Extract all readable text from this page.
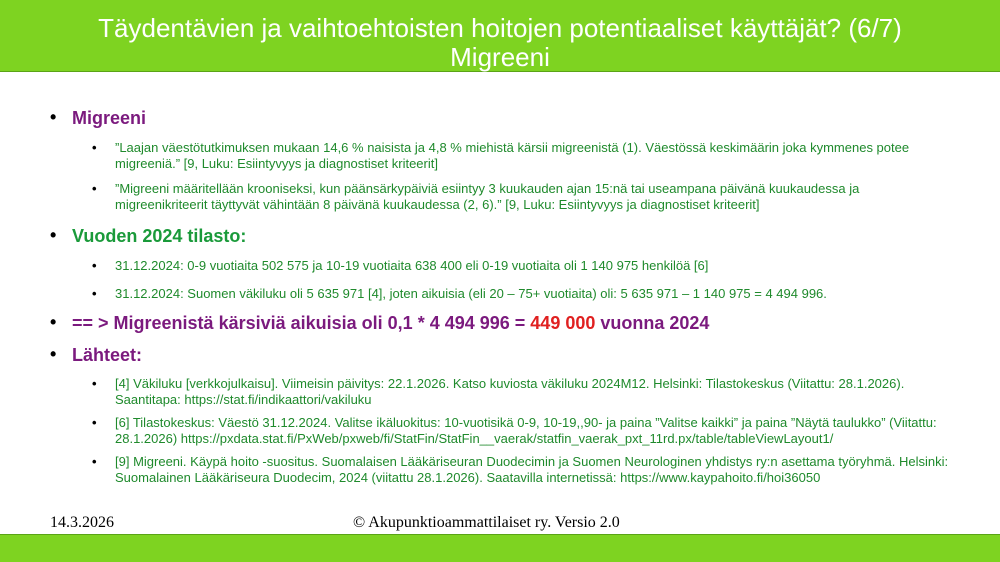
Täydentävien ja vaihtoehtoisten hoitojen potentiaaliset käyttäjät? (6/7)
Migreeni
• Migreeni
• ”Laajan väestötutkimuksen mukaan 14,6 % naisista ja 4,8 % miehistä kärsii migreenistä (1). Väestössä keskimäärin joka kymmenes potee migreeniä.” [9, Luku: Esiintyvyys ja diagnostiset kriteerit]
• ”Migreeni määritellään krooniseksi, kun päänsärkypäiviä esiintyy 3 kuukauden ajan 15:nä tai useampana päivänä kuukaudessa ja migreenikriteerit täyttyvät vähintään 8 päivänä kuukaudessa (2, 6).” [9, Luku: Esiintyvyys ja diagnostiset kriteerit]
• Vuoden 2024 tilasto:
• 31.12.2024: 0-9 vuotiaita 502 575 ja 10-19 vuotiaita 638 400 eli 0-19 vuotiaita oli 1 140 975 henkilöä [6]
• 31.12.2024: Suomen väkiluku oli 5 635 971 [4], joten aikuisia (eli 20 – 75+ vuotiaita) oli: 5 635 971 – 1 140 975 = 4 494 996.
• == > Migreenistä kärsiviä aikuisia oli 0,1 * 4 494 996 = 449 000 vuonna 2024
• Lähteet:
• [4] Väkiluku [verkkojulkaisu]. Viimeisin päivitys: 22.1.2026. Katso kuviosta väkiluku 2024M12. Helsinki: Tilastokeskus (Viitattu: 28.1.2026). Saantitapa: https://stat.fi/indikaattori/vakiluku
• [6] Tilastokeskus: Väestö 31.12.2024. Valitse ikäluokitus: 10-vuotisikä 0-9, 10-19,,90- ja paina ”Valitse kaikki” ja paina ”Näytä taulukko” (Viitattu: 28.1.2026) https://pxdata.stat.fi/PxWeb/pxweb/fi/StatFin/StatFin__vaerak/statfin_vaerak_pxt_11rd.px/table/tableViewLayout1/
• [9] Migreeni. Käypä hoito -suositus. Suomalaisen Lääkäriseuran Duodecimin ja Suomen Neurologinen yhdistys ry:n asettama työryhmä. Helsinki: Suomalainen Lääkäriseura Duodecim, 2024 (viitattu 28.1.2026). Saatavilla internetissä: https://www.kaypahoito.fi/hoi36050
14.3.2026	© Akupunktioammattilaiset ry. Versio 2.0
